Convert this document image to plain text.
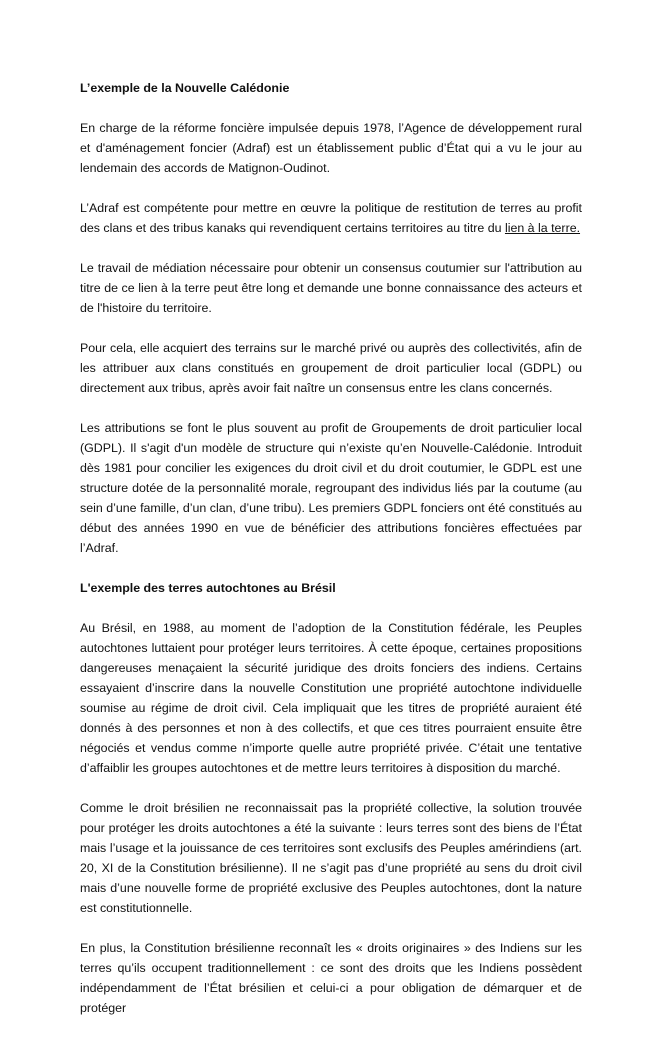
L’exemple de la Nouvelle Calédonie

En charge de la réforme foncière impulsée depuis 1978, l’Agence de développement rural et d'aménagement foncier (Adraf) est un établissement public d’État qui a vu le jour au lendemain des accords de Matignon-Oudinot.

L’Adraf est compétente pour mettre en œuvre la politique de restitution de terres au profit des clans et des tribus kanaks qui revendiquent certains territoires au titre du lien à la terre.

Le travail de médiation nécessaire pour obtenir un consensus coutumier sur l'attribution au titre de ce lien à la terre peut être long et demande une bonne connaissance des acteurs et de l'histoire du territoire.

Pour cela, elle acquiert des terrains sur le marché privé ou auprès des collectivités, afin de les attribuer aux clans constitués en groupement de droit particulier local (GDPL) ou directement aux tribus, après avoir fait naître un consensus entre les clans concernés.

Les attributions se font le plus souvent au profit de Groupements de droit particulier local (GDPL). Il s'agit d'un modèle de structure qui n’existe qu’en Nouvelle-Calédonie. Introduit dès 1981 pour concilier les exigences du droit civil et du droit coutumier, le GDPL est une structure dotée de la personnalité morale, regroupant des individus liés par la coutume (au sein d’une famille, d’un clan, d’une tribu). Les premiers GDPL fonciers ont été constitués au début des années 1990 en vue de bénéficier des attributions foncières effectuées par l’Adraf.

L'exemple des terres autochtones au Brésil

Au Brésil, en 1988, au moment de l’adoption de la Constitution fédérale, les Peuples autochtones luttaient pour protéger leurs territoires. À cette époque, certaines propositions dangereuses menaçaient la sécurité juridique des droits fonciers des indiens. Certains essayaient d’inscrire dans la nouvelle Constitution une propriété autochtone individuelle soumise au régime de droit civil. Cela impliquait que les titres de propriété auraient été donnés à des personnes et non à des collectifs, et que ces titres pourraient ensuite être négociés et vendus comme n’importe quelle autre propriété privée. C’était une tentative d’affaiblir les groupes autochtones et de mettre leurs territoires à disposition du marché.

Comme le droit brésilien ne reconnaissait pas la propriété collective, la solution trouvée pour protéger les droits autochtones a été la suivante : leurs terres sont des biens de l’État mais l’usage et la jouissance de ces territoires sont exclusifs des Peuples amérindiens (art. 20, XI de la Constitution brésilienne). Il ne s’agit pas d’une propriété au sens du droit civil mais d’une nouvelle forme de propriété exclusive des Peuples autochtones, dont la nature est constitutionnelle.

En plus, la Constitution brésilienne reconnaît les « droits originaires » des Indiens sur les terres qu’ils occupent traditionnellement : ce sont des droits que les Indiens possèdent indépendamment de l’État brésilien et celui-ci a pour obligation de démarquer et de protéger
